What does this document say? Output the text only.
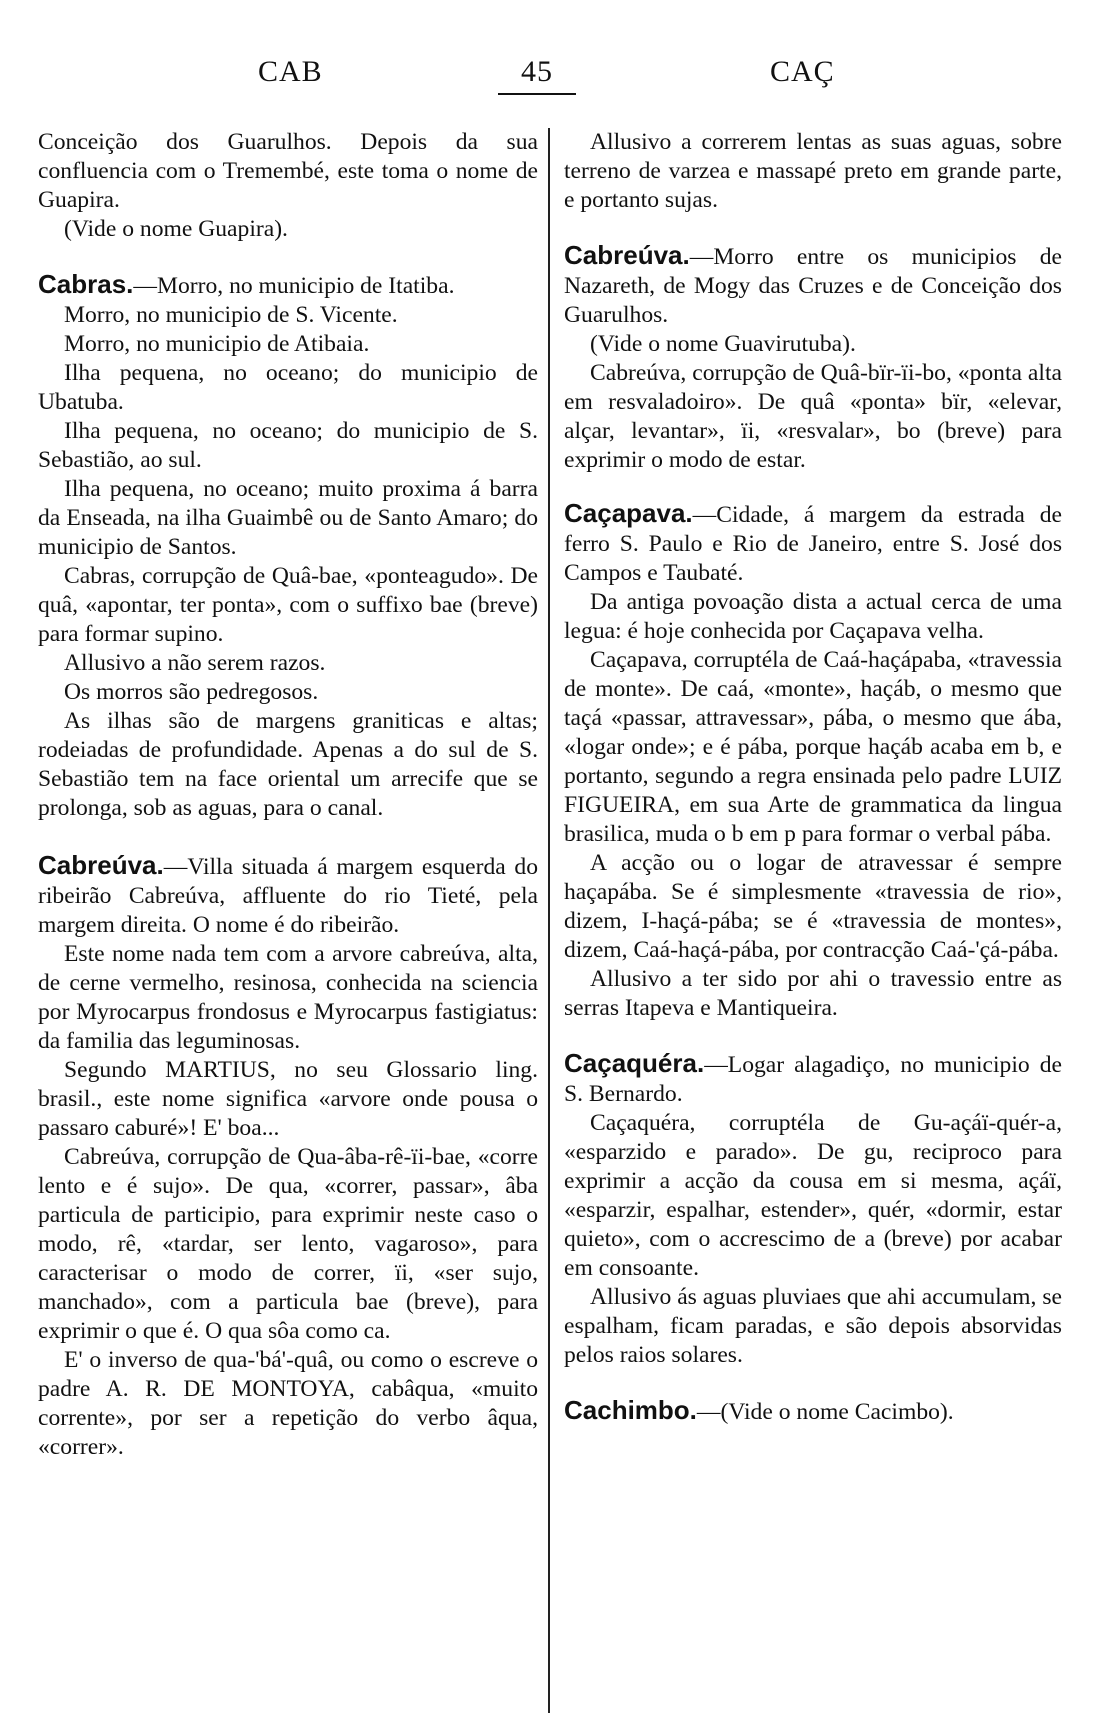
CAB	45	CAÇ

Conceição dos Guarulhos. Depois da sua confluencia com o Tremembé, este toma o nome de Guapira.

(Vide o nome Guapira).

Cabras.—Morro, no municipio de Itatiba.

Morro, no municipio de S. Vicente.

Morro, no municipio de Atibaia.

Ilha pequena, no oceano; do municipio de Ubatuba.

Ilha pequena, no oceano; do municipio de S. Sebastião, ao sul.

Ilha pequena, no oceano; muito proxima á barra da Enseada, na ilha Guaimbê ou de Santo Amaro; do municipio de Santos.

Cabras, corrupção de Quâ-bae, «ponteagudo». De quâ, «apontar, ter ponta», com o suffixo bae (breve) para formar supino.

Allusivo a não serem razos.

Os morros são pedregosos.

As ilhas são de margens graniticas e altas; rodeiadas de profundidade. Apenas a do sul de S. Sebastião tem na face oriental um arrecife que se prolonga, sob as aguas, para o canal.

Cabreúva.—Villa situada á margem esquerda do ribeirão Cabreúva, affluente do rio Tieté, pela margem direita. O nome é do ribeirão.

Este nome nada tem com a arvore cabreúva, alta, de cerne vermelho, resinosa, conhecida na sciencia por Myrocarpus frondosus e Myrocarpus fastigiatus: da familia das leguminosas.

Segundo MARTIUS, no seu Glossario ling. brasil., este nome significa «arvore onde pousa o passaro caburé»! E' boa...

Cabreúva, corrupção de Qua-âba-rê-ïi-bae, «corre lento e é sujo». De qua, «correr, passar», âba particula de participio, para exprimir neste caso o modo, rê, «tardar, ser lento, vagaroso», para caracterisar o modo de correr, ïi, «ser sujo, manchado», com a particula bae (breve), para exprimir o que é. O qua sôa como ca.

E' o inverso de qua-'bá'-quâ, ou como o escreve o padre A. R. DE MONTOYA, cabâqua, «muito corrente», por ser a repetição do verbo âqua, «correr».

Allusivo a correrem lentas as suas aguas, sobre terreno de varzea e massapé preto em grande parte, e portanto sujas.

Cabreúva.—Morro entre os municipios de Nazareth, de Mogy das Cruzes e de Conceição dos Guarulhos.

(Vide o nome Guavirutuba).

Cabreúva, corrupção de Quâ-bïr-ïi-bo, «ponta alta em resvaladoiro». De quâ «ponta» bïr, «elevar, alçar, levantar», ïi, «resvalar», bo (breve) para exprimir o modo de estar.

Caçapava.—Cidade, á margem da estrada de ferro S. Paulo e Rio de Janeiro, entre S. José dos Campos e Taubaté.

Da antiga povoação dista a actual cerca de uma legua: é hoje conhecida por Caçapava velha.

Caçapava, corruptéla de Caá-haçápaba, «travessia de monte». De caá, «monte», haçáb, o mesmo que taçá «passar, attravessar», pába, o mesmo que ába, «logar onde»; e é pába, porque haçáb acaba em b, e portanto, segundo a regra ensinada pelo padre LUIZ FIGUEIRA, em sua Arte de grammatica da lingua brasilica, muda o b em p para formar o verbal pába.

A acção ou o logar de atravessar é sempre haçapába. Se é simplesmente «travessia de rio», dizem, I-haçá-pába; se é «travessia de montes», dizem, Caá-haçá-pába, por contracção Caá-'çá-pába.

Allusivo a ter sido por ahi o travessio entre as serras Itapeva e Mantiqueira.

Caçaquéra.—Logar alagadiço, no municipio de S. Bernardo.

Caçaquéra, corruptéla de Gu-açáï-quér-a, «esparzido e parado». De gu, reciproco para exprimir a acção da cousa em si mesma, açáï, «esparzir, espalhar, estender», quér, «dormir, estar quieto», com o accrescimo de a (breve) por acabar em consoante.

Allusivo ás aguas pluviaes que ahi accumulam, se espalham, ficam paradas, e são depois absorvidas pelos raios solares.

Cachimbo.—(Vide o nome Cacimbo).
